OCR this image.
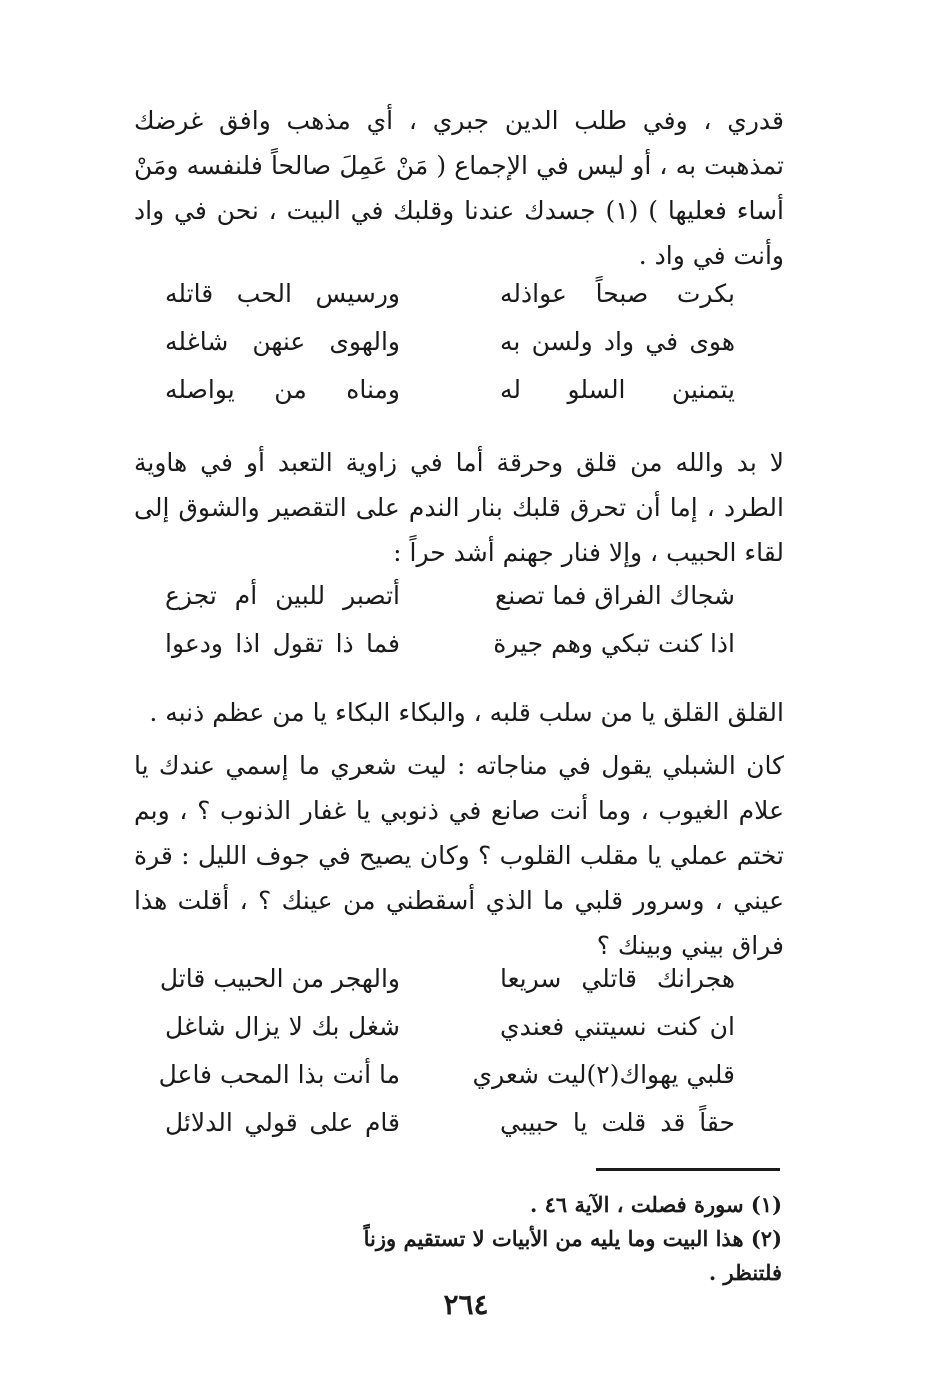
قدري ، وفي طلب الدين جبري ، أي مذهب وافق غرضك تمذهبت به ، أو ليس في الإجماع ( مَنْ عَمِلَ صالحاً فلنفسه ومَنْ أساء فعليها ) (١) جسدك عندنا وقلبك في البيت ، نحن في واد وأنت في واد .

بكرت صبحاً عواذله
ورسيس الحب قاتله
هوى في واد ولسن به
والهوى عنهن شاغله
يتمنين السلو له
ومناه من يواصله

لا بد والله من قلق وحرقة أما في زاوية التعبد أو في هاوية الطرد ، إما أن تحرق قلبك بنار الندم على التقصير والشوق إلى لقاء الحبيب ، وإلا فنار جهنم أشد حراً :

شجاك الفراق فما تصنع
أتصبر للبين أم تجزع
اذا كنت تبكي وهم جيرة
فما ذا تقول اذا ودعوا

القلق القلق يا من سلب قلبه ، والبكاء البكاء يا من عظم ذنبه .

كان الشبلي يقول في مناجاته : ليت شعري ما إسمي عندك يا علام الغيوب ، وما أنت صانع في ذنوبي يا غفار الذنوب ؟ ، وبم تختم عملي يا مقلب القلوب ؟ وكان يصيح في جوف الليل : قرة عيني ، وسرور قلبي ما الذي أسقطني من عينك ؟ ، أقلت هذا فراق بيني وبينك ؟

هجرانك قاتلي سريعا
والهجر من الحبيب قاتل
ان كنت نسيتني فعندي
شغل بك لا يزال شاغل
قلبي يهواك(٢)ليت شعري
ما أنت بذا المحب فاعل
حقاً قد قلت يا حبيبي
قام على قولي الدلائل

(١) سورة فصلت ، الآية ٤٦ .

(٢) هذا البيت وما يليه من الأبيات لا تستقيم وزناً فلتنظر .

٢٦٤
